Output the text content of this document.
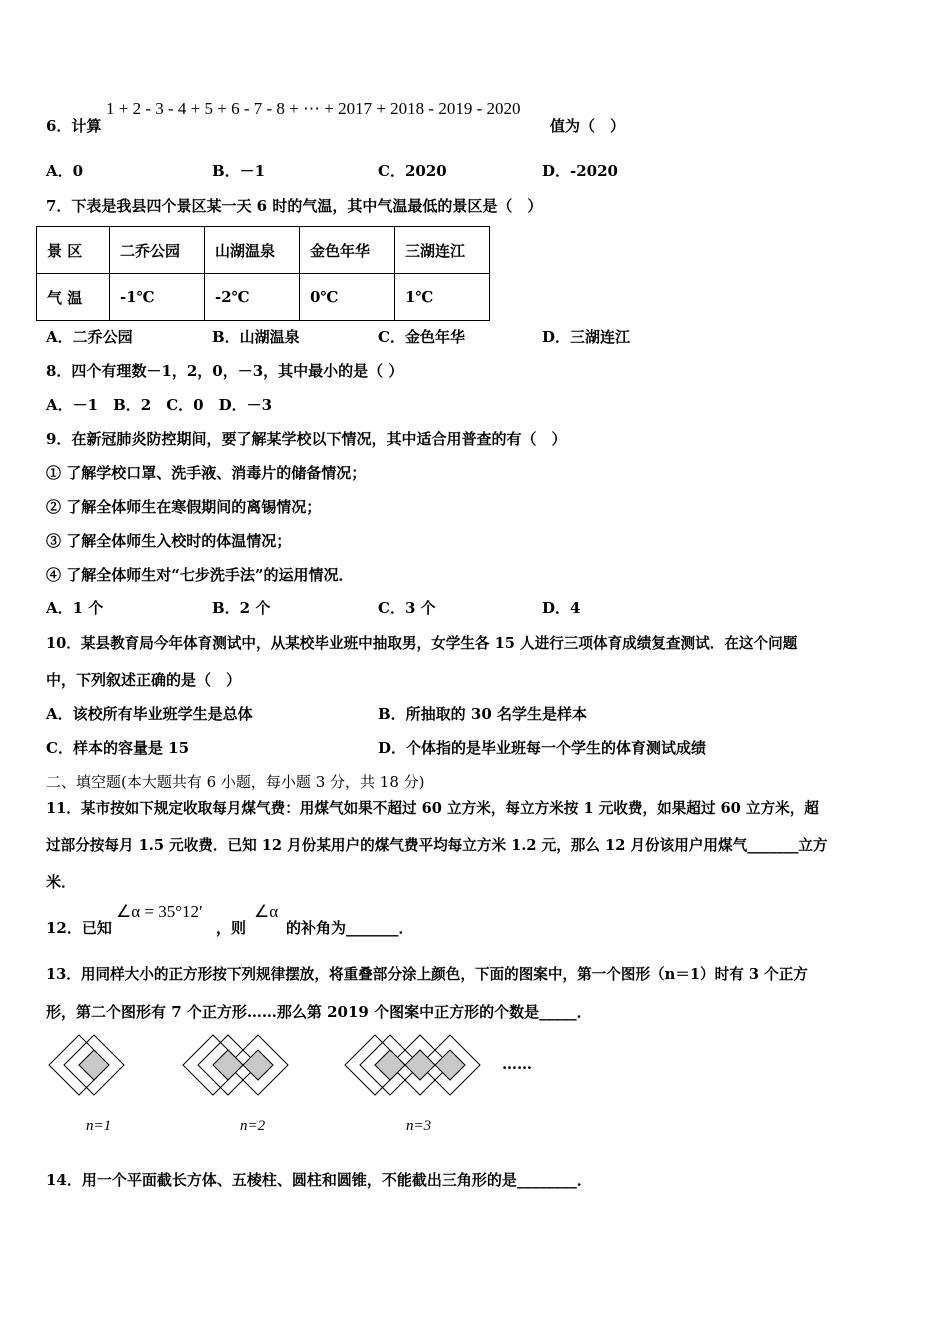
6．计算
1 + 2 - 3 - 4 + 5 + 6 - 7 - 8 + ⋯ + 2017 + 2018 - 2019 - 2020
值为（　）
A．0	B．－1	C．2020	D．-2020
7．下表是我县四个景区某一天 6 时的气温，其中气温最低的景区是（　）
景 区	二乔公园	山湖温泉	金色年华	三湖连江
气 温	-1℃	-2℃	0℃	1℃
A．二乔公园	B．山湖温泉	C．金色年华	D．三湖连江
8．四个有理数－1，2，0，－3，其中最小的是（ ）
A．－1　B．2　C．0　D．－3
9．在新冠肺炎防控期间，要了解某学校以下情况，其中适合用普查的有（　）
① 了解学校口罩、洗手液、消毒片的储备情况；
② 了解全体师生在寒假期间的离锡情况；
③ 了解全体师生入校时的体温情况；
④ 了解全体师生对“七步洗手法”的运用情况．
A．1 个	B．2 个	C．3 个	D．4
10．某县教育局今年体育测试中，从某校毕业班中抽取男，女学生各 15 人进行三项体育成绩复查测试．在这个问题
中，下列叙述正确的是（　）
A．该校所有毕业班学生是总体	B．所抽取的 30 名学生是样本
C．样本的容量是 15	D．个体指的是毕业班每一个学生的体育测试成绩
二、填空题(本大题共有 6 小题，每小题 3 分，共 18 分)
11．某市按如下规定收取每月煤气费：用煤气如果不超过 60 立方米，每立方米按 1 元收费，如果超过 60 立方米，超
过部分按每月 1.5 元收费．已知 12 月份某用户的煤气费平均每立方米 1.2 元，那么 12 月份该用户用煤气_______立方
米．
12．已知
∠α = 35°12′
，则
∠α
的补角为_______．
13．用同样大小的正方形按下列规律摆放，将重叠部分涂上颜色，下面的图案中，第一个图形（n＝1）时有 3 个正方
形，第二个图形有 7 个正方形……那么第 2019 个图案中正方形的个数是_____．
n=1	n=2	n=3
……
14．用一个平面截长方体、五棱柱、圆柱和圆锥，不能截出三角形的是________．
